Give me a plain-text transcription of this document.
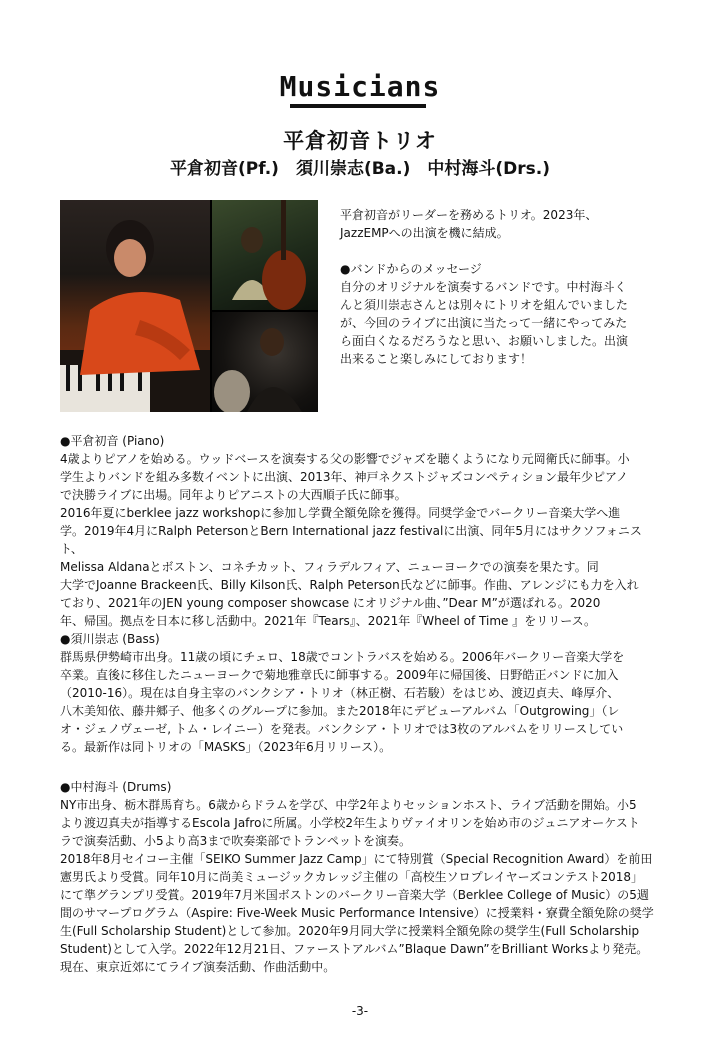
Musicians
平倉初音トリオ
平倉初音(Pf.)　須川崇志(Ba.)　中村海斗(Drs.)

平倉初音がリーダーを務めるトリオ。2023年、

JazzEMPへの出演を機に結成。

●バンドからのメッセージ

自分のオリジナルを演奏するバンドです。中村海斗く

んと須川崇志さんとは別々にトリオを組んでいました

が、今回のライブに出演に当たって一緒にやってみた

ら面白くなるだろうなと思い、お願いしました。出演

出来ること楽しみにしております！

●平倉初音 (Piano)

4歳よりピアノを始める。ウッドベースを演奏する父の影響でジャズを聴くようになり元岡衛氏に師事。小

学生よりバンドを組み多数イベントに出演、2013年、神戸ネクストジャズコンペティション最年少ピアノ

で決勝ライブに出場。同年よりピアニストの大西順子氏に師事。

2016年夏にberklee jazz workshopに参加し学費全額免除を獲得。同奨学金でバークリー音楽大学へ進

学。2019年4月にRalph PetersonとBern International jazz festivalに出演、同年5月にはサクソフォニスト、

Melissa Aldanaとボストン、コネチカット、フィラデルフィア、ニューヨークでの演奏を果たす。同

大学でJoanne Brackeen氏、Billy Kilson氏、Ralph Peterson氏などに師事。作曲、アレンジにも力を入れ

ており、2021年のJEN young composer showcase にオリジナル曲、”Dear M”が選ばれる。2020

年、帰国。拠点を日本に移し活動中。2021年『Tears』、2021年『Wheel of Time 』をリリース。

●須川崇志 (Bass)

群馬県伊勢崎市出身。11歳の頃にチェロ、18歳でコントラバスを始める。2006年バークリー音楽大学を

卒業。直後に移住したニューヨークで菊地雅章氏に師事する。2009年に帰国後、日野皓正バンドに加入

（2010-16）。現在は自身主宰のバンクシア・トリオ（林正樹、石若駿）をはじめ、渡辺貞夫、峰厚介、

八木美知依、藤井郷子、他多くのグループに参加。また2018年にデビューアルバム「Outgrowing」（レ

オ・ジェノヴェーゼ, トム・レイニー）を発表。バンクシア・トリオでは3枚のアルバムをリリースしてい

る。最新作は同トリオの「MASKS」（2023年6月リリース）。

●中村海斗 (Drums)

NY市出身、栃木群馬育ち。6歳からドラムを学び、中学2年よりセッションホスト、ライブ活動を開始。小5

より渡辺真夫が指導するEscola Jafroに所属。小学校2年生よりヴァイオリンを始め市のジュニアオーケスト

ラで演奏活動、小5より高3まで吹奏楽部でトランペットを演奏。

2018年8月セイコー主催「SEIKO Summer Jazz Camp」にて特別賞（Special Recognition Award）を前田

憲男氏より受賞。同年10月に尚美ミュージックカレッジ主催の「高校生ソロプレイヤーズコンテスト2018」

にて準グランプリ受賞。2019年7月米国ボストンのバークリー音楽大学（Berklee College of Music）の5週

間のサマープログラム（Aspire: Five-Week Music Performance Intensive）に授業料・寮費全額免除の奨学

生(Full Scholarship Student)として参加。2020年9月同大学に授業料全額免除の奨学生(Full Scholarship

Student)として入学。2022年12月21日、ファーストアルバム”Blaque Dawn”をBrilliant Worksより発売。

現在、東京近郊にてライブ演奏活動、作曲活動中。

-3-
